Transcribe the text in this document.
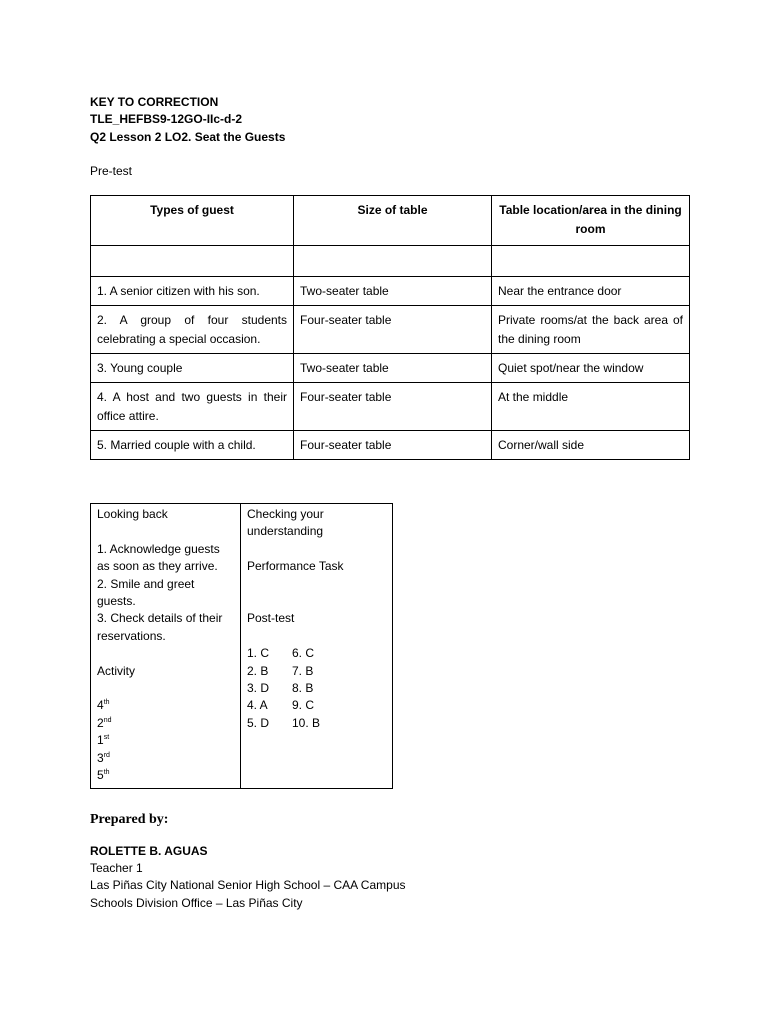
KEY TO CORRECTION
TLE_HEFBS9-12GO-IIc-d-2
Q2 Lesson 2 LO2. Seat the Guests
Pre-test
Types of guest	Size of table	Table location/area in the dining room

1. A senior citizen with his son.	Two-seater table	Near the entrance door
2. A group of four students celebrating a special occasion.	Four-seater table	Private rooms/at the back area of the dining room
3. Young couple	Two-seater table	Quiet spot/near the window
4. A host and two guests in their office attire.	Four-seater table	At the middle
5. Married couple with a child.	Four-seater table	Corner/wall side
Looking back
1. Acknowledge guests as soon as they arrive.
2. Smile and greet guests.
3. Check details of their reservations.
Activity
4th
2nd
1st
3rd
5th

Checking your understanding
Performance Task
Post-test
1. C	6. C
2. B	7. B
3. D	8. B
4. A	9. C
5. D	10. B
Prepared by:
ROLETTE B. AGUAS
Teacher 1
Las Piñas City National Senior High School – CAA Campus
Schools Division Office – Las Piñas City
